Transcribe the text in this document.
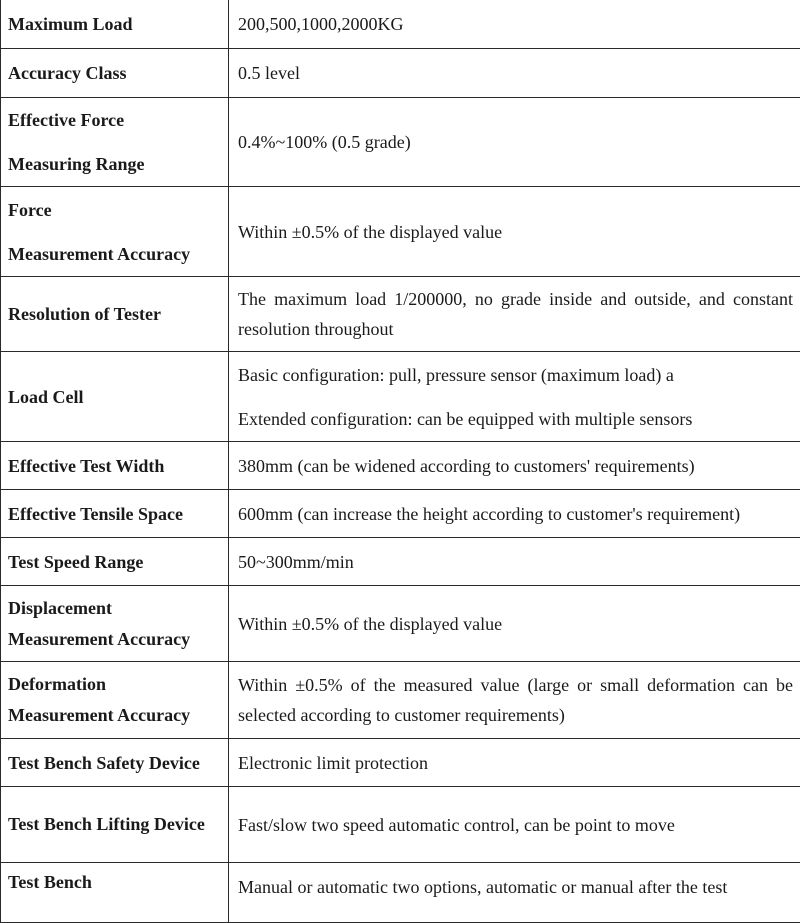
Maximum Load	200,500,1000,2000KG
Accuracy Class	0.5 level

Effective Force
Measuring Range	0.4%~100% (0.5 grade)

Force
Measurement Accuracy	Within ±0.5% of the displayed value
Resolution of Tester	The maximum load 1/200000, no grade inside and outside, and constant resolution throughout
Load Cell	Basic configuration: pull, pressure sensor (maximum load) a
Extended configuration: can be equipped with multiple sensors

Effective Test Width	380mm (can be widened according to customers' requirements)
Effective Tensile Space	600mm (can increase the height according to customer's requirement)
Test Speed Range	50~300mm/min

Displacement
Measurement Accuracy	Within ±0.5% of the displayed value

Deformation
Measurement Accuracy	Within ±0.5% of the measured value (large or small deformation can be selected according to customer requirements)
Test Bench Safety Device	Electronic limit protection
Test Bench Lifting Device	Fast/slow two speed automatic control, can be point to move
Test Bench	Manual or automatic two options, automatic or manual after the test
